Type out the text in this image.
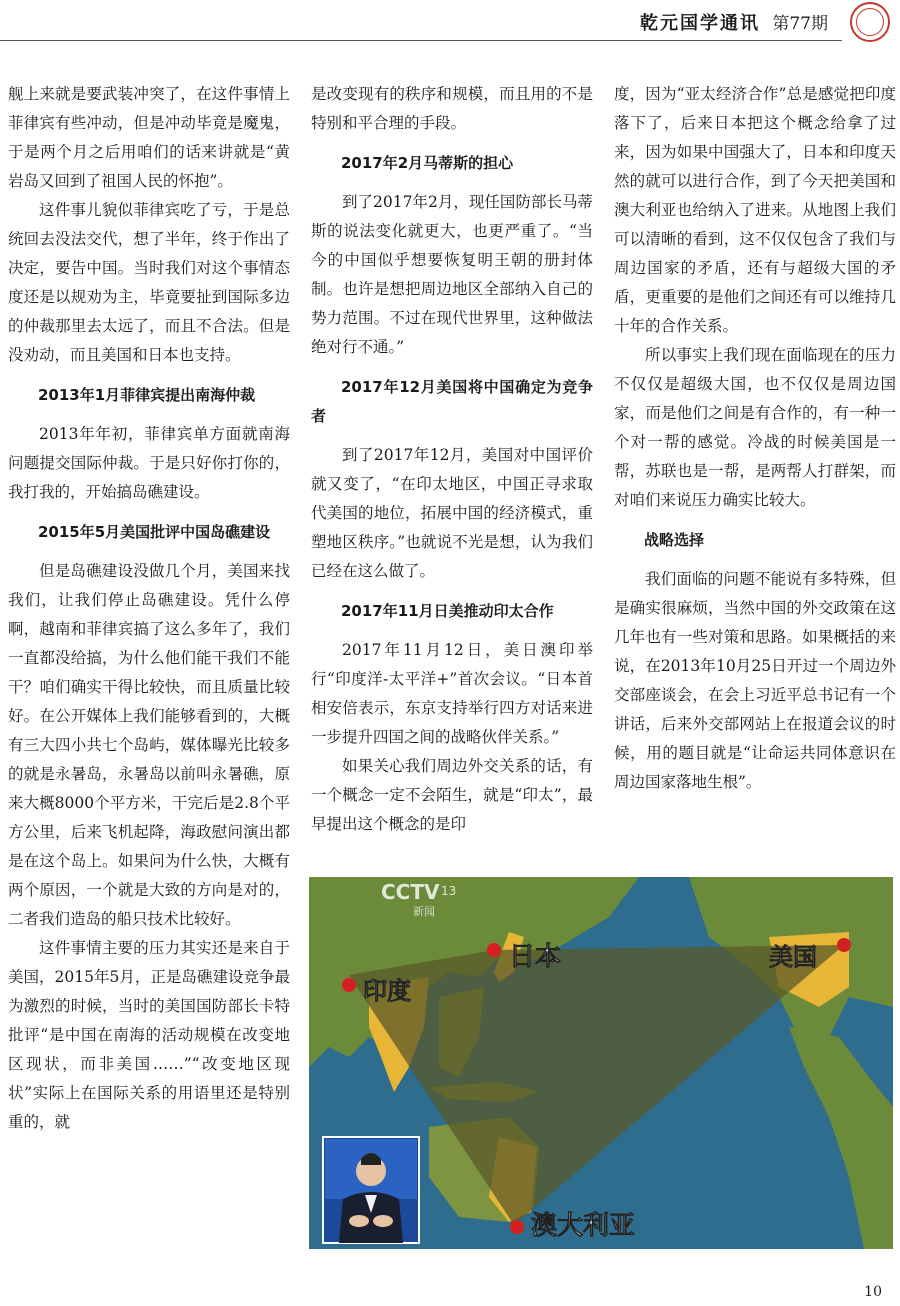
乾元国学通讯 第77期

舰上来就是要武装冲突了，在这件事情上菲律宾有些冲动，但是冲动毕竟是魔鬼，于是两个月之后用咱们的话来讲就是“黄岩岛又回到了祖国人民的怀抱”。

这件事儿貌似菲律宾吃了亏，于是总统回去没法交代，想了半年，终于作出了决定，要告中国。当时我们对这个事情态度还是以规劝为主，毕竟要扯到国际多边的仲裁那里去太远了，而且不合法。但是没劝动，而且美国和日本也支持。

2013年1月菲律宾提出南海仲裁

2013年年初，菲律宾单方面就南海问题提交国际仲裁。于是只好你打你的，我打我的，开始搞岛礁建设。

2015年5月美国批评中国岛礁建设

但是岛礁建设没做几个月，美国来找我们，让我们停止岛礁建设。凭什么停啊，越南和菲律宾搞了这么多年了，我们一直都没给搞，为什么他们能干我们不能干？咱们确实干得比较快，而且质量比较好。在公开媒体上我们能够看到的，大概有三大四小共七个岛屿，媒体曝光比较多的就是永暑岛，永暑岛以前叫永暑礁，原来大概8000个平方米，干完后是2.8个平方公里，后来飞机起降，海政慰问演出都是在这个岛上。如果问为什么快，大概有两个原因，一个就是大致的方向是对的，二者我们造岛的船只技术比较好。

这件事情主要的压力其实还是来自于美国，2015年5月，正是岛礁建设竞争最为激烈的时候，当时的美国国防部长卡特批评“是中国在南海的活动规模在改变地区现状，而非美国……”“改变地区现状”实际上在国际关系的用语里还是特别重的，就

是改变现有的秩序和规模，而且用的不是特别和平合理的手段。

2017年2月马蒂斯的担心

到了2017年2月，现任国防部长马蒂斯的说法变化就更大，也更严重了。“当今的中国似乎想要恢复明王朝的册封体制。也许是想把周边地区全部纳入自己的势力范围。不过在现代世界里，这种做法绝对行不通。”

2017年12月美国将中国确定为竞争者

到了2017年12月，美国对中国评价就又变了，“在印太地区，中国正寻求取代美国的地位，拓展中国的经济模式，重塑地区秩序。”也就说不光是想，认为我们已经在这么做了。

2017年11月日美推动印太合作

2017年11月12日，美日澳印举行“印度洋-太平洋+”首次会议。“日本首相安倍表示，东京支持举行四方对话来进一步提升四国之间的战略伙伴关系。”

如果关心我们周边外交关系的话，有一个概念一定不会陌生，就是“印太”，最早提出这个概念的是印

度，因为“亚太经济合作”总是感觉把印度落下了，后来日本把这个概念给拿了过来，因为如果中国强大了，日本和印度天然的就可以进行合作，到了今天把美国和澳大利亚也给纳入了进来。从地图上我们可以清晰的看到，这不仅仅包含了我们与周边国家的矛盾，还有与超级大国的矛盾，更重要的是他们之间还有可以维持几十年的合作关系。

所以事实上我们现在面临现在的压力不仅仅是超级大国，也不仅仅是周边国家，而是他们之间是有合作的，有一种一个对一帮的感觉。冷战的时候美国是一帮，苏联也是一帮，是两帮人打群架，而对咱们来说压力确实比较大。

战略选择

我们面临的问题不能说有多特殊，但是确实很麻烦，当然中国的外交政策在这几年也有一些对策和思路。如果概括的来说，在2013年10月25日开过一个周边外交部座谈会，在会上习近平总书记有一个讲话，后来外交部网站上在报道会议的时候，用的题目就是“让命运共同体意识在周边国家落地生根”。

印度
日本	美国
澳大利亚
CCTV 13
新闻
10
